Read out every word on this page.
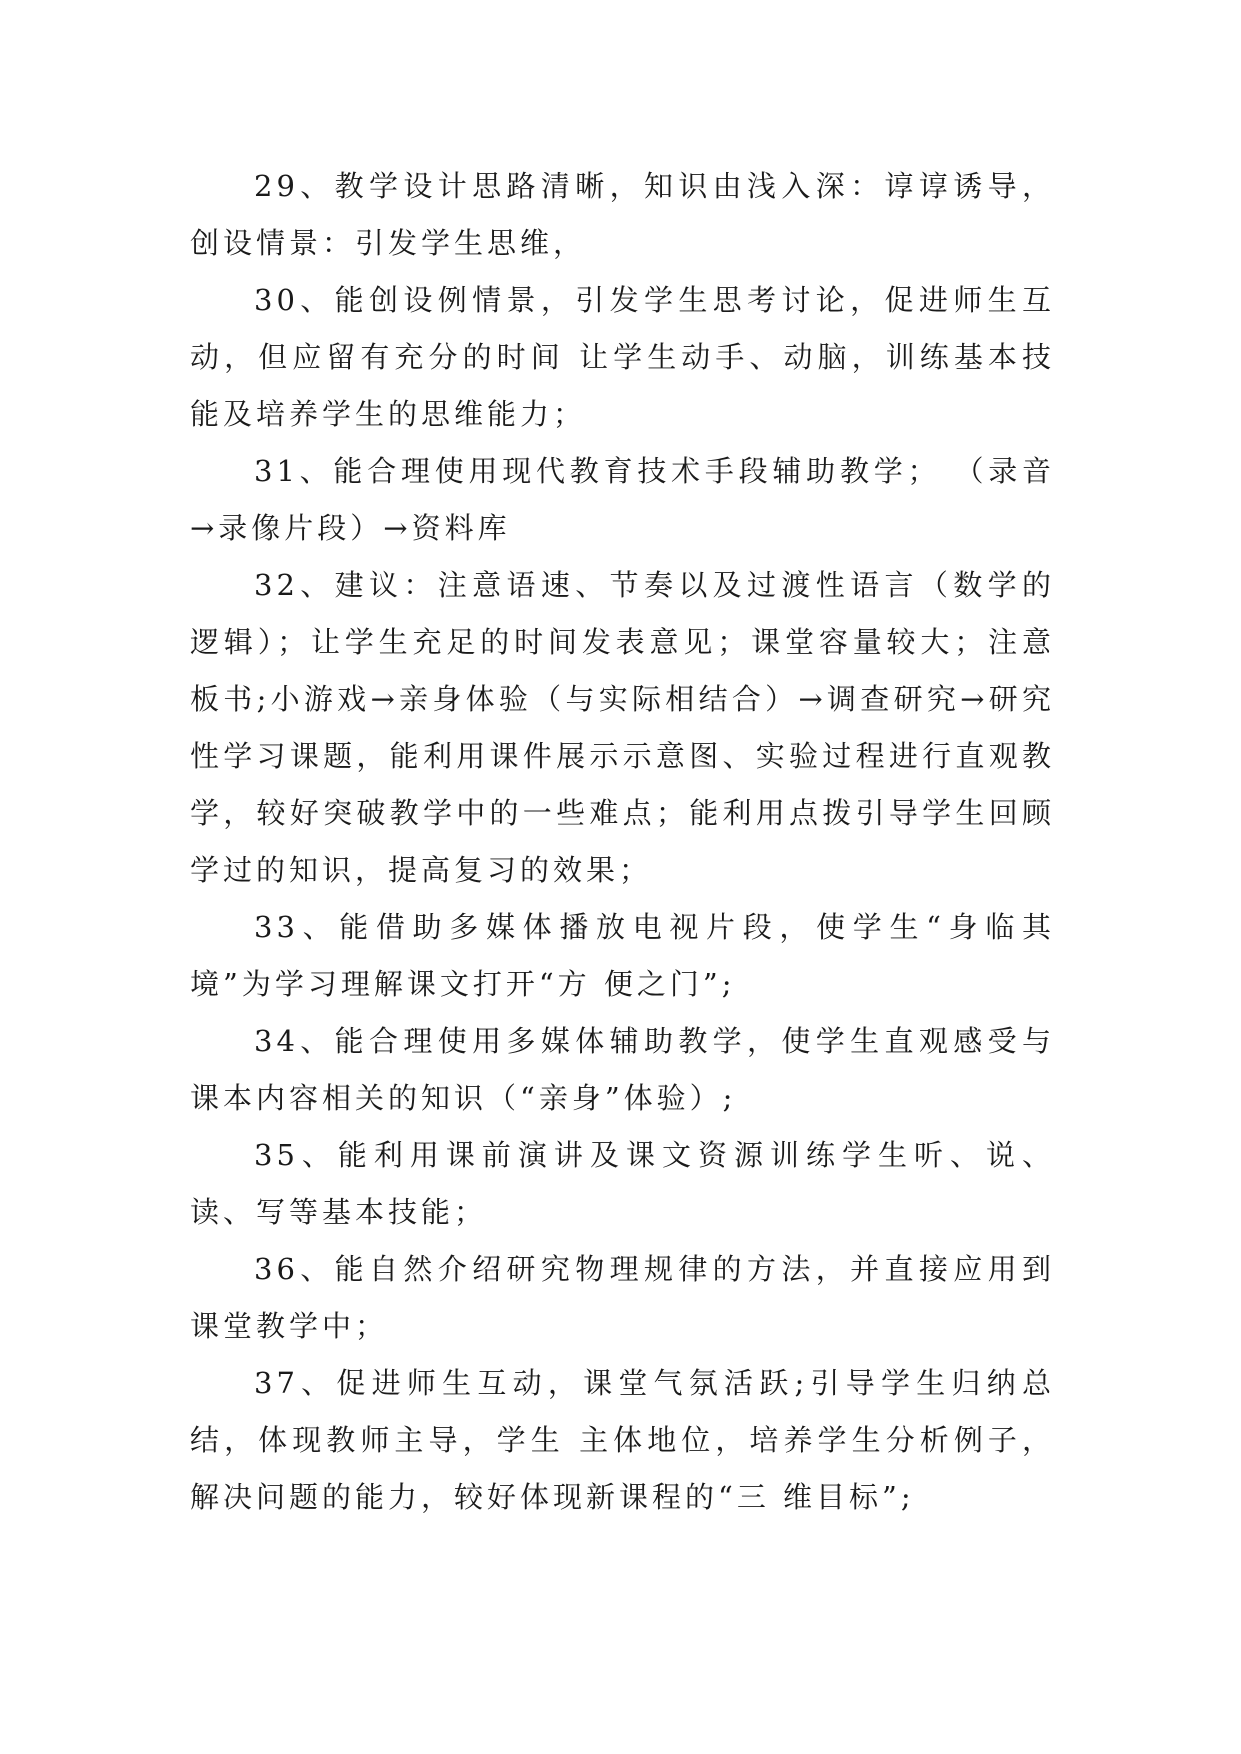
29、教学设计思路清晰，知识由浅入深：谆谆诱导，创设情景：引发学生思维，

30、能创设例情景，引发学生思考讨论，促进师生互动，但应留有充分的时间 让学生动手、动脑，训练基本技能及培养学生的思维能力；

31、能合理使用现代教育技术手段辅助教学； （录音→录像片段）→资料库

32、建议：注意语速、节奏以及过渡性语言（数学的逻辑）；让学生充足的时间发表意见；课堂容量较大；注意板书;小游戏→亲身体验（与实际相结合）→调查研究→研究性学习课题，能利用课件展示示意图、实验过程进行直观教学，较好突破教学中的一些难点；能利用点拨引导学生回顾学过的知识，提高复习的效果；

33、能借助多媒体播放电视片段，使学生“身临其境”为学习理解课文打开“方 便之门”;

34、能合理使用多媒体辅助教学，使学生直观感受与课本内容相关的知识（“亲身”体验）;

35、能利用课前演讲及课文资源训练学生听、说、读、写等基本技能；

36、能自然介绍研究物理规律的方法，并直接应用到课堂教学中；

37、促进师生互动，课堂气氛活跃;引导学生归纳总结，体现教师主导，学生 主体地位，培养学生分析例子，解决问题的能力，较好体现新课程的“三 维目标”;
